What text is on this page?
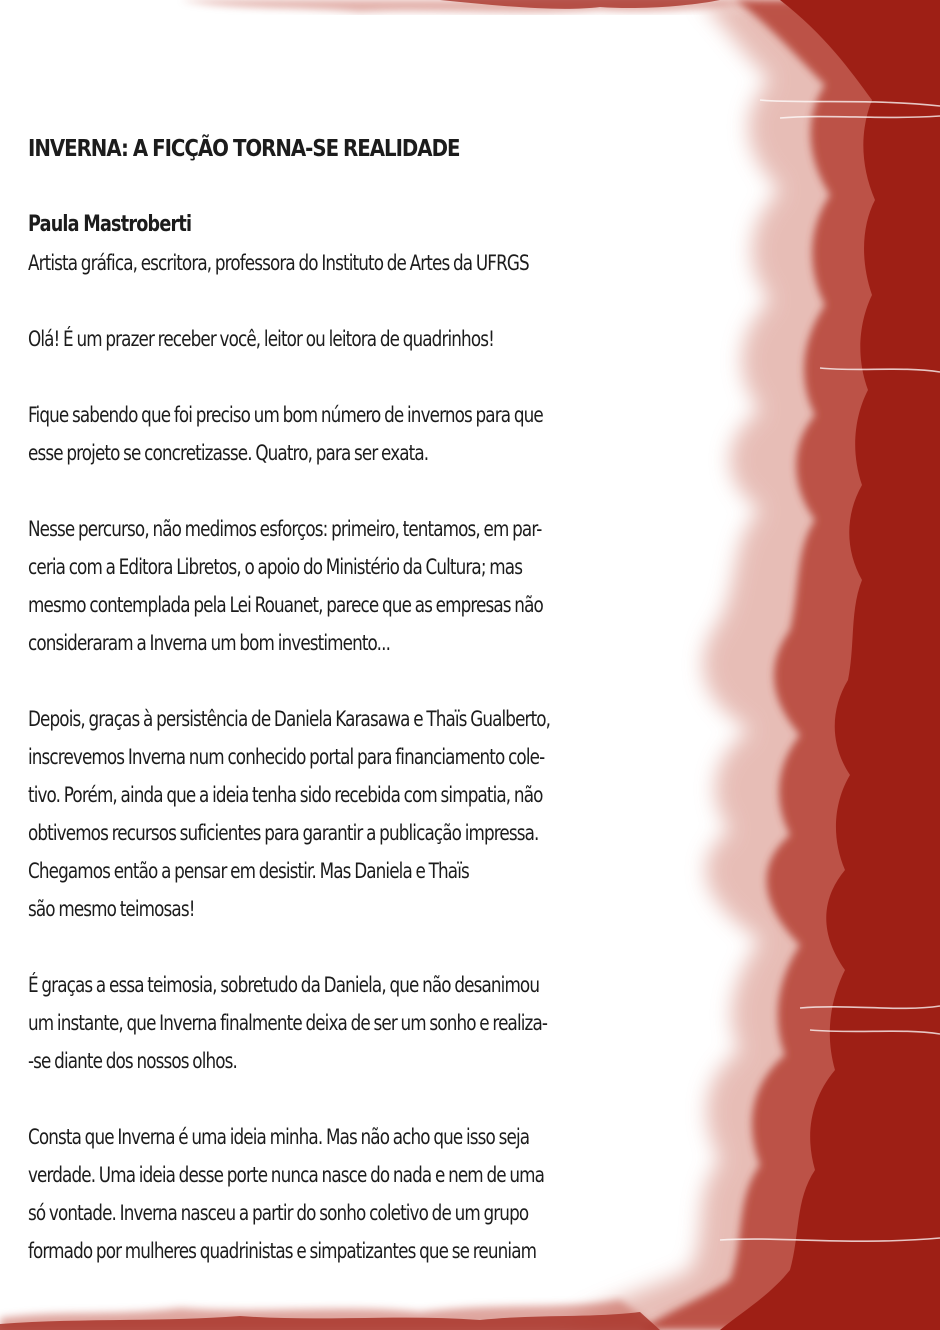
INVERNA: A FICÇÃO TORNA-SE REALIDADE
Paula Mastroberti
Artista gráfica, escritora, professora do Instituto de Artes da UFRGS
Olá! É um prazer receber você, leitor ou leitora de quadrinhos!
Fique sabendo que foi preciso um bom número de invernos para que
esse projeto se concretizasse. Quatro, para ser exata.
Nesse percurso, não medimos esforços: primeiro, tentamos, em par-
ceria com a Editora Libretos, o apoio do Ministério da Cultura; mas
mesmo contemplada pela Lei Rouanet, parece que as empresas não
consideraram a Inverna um bom investimento...
Depois, graças à persistência de Daniela Karasawa e Thaïs Gualberto,
inscrevemos Inverna num conhecido portal para financiamento cole-
tivo. Porém, ainda que a ideia tenha sido recebida com simpatia, não
obtivemos recursos suficientes para garantir a publicação impressa.
Chegamos então a pensar em desistir. Mas Daniela e Thaïs
são mesmo teimosas!
É graças a essa teimosia, sobretudo da Daniela, que não desanimou
um instante, que Inverna finalmente deixa de ser um sonho e realiza-
-se diante dos nossos olhos.
Consta que Inverna é uma ideia minha. Mas não acho que isso seja
verdade. Uma ideia desse porte nunca nasce do nada e nem de uma
só vontade. Inverna nasceu a partir do sonho coletivo de um grupo
formado por mulheres quadrinistas e simpatizantes que se reuniam
